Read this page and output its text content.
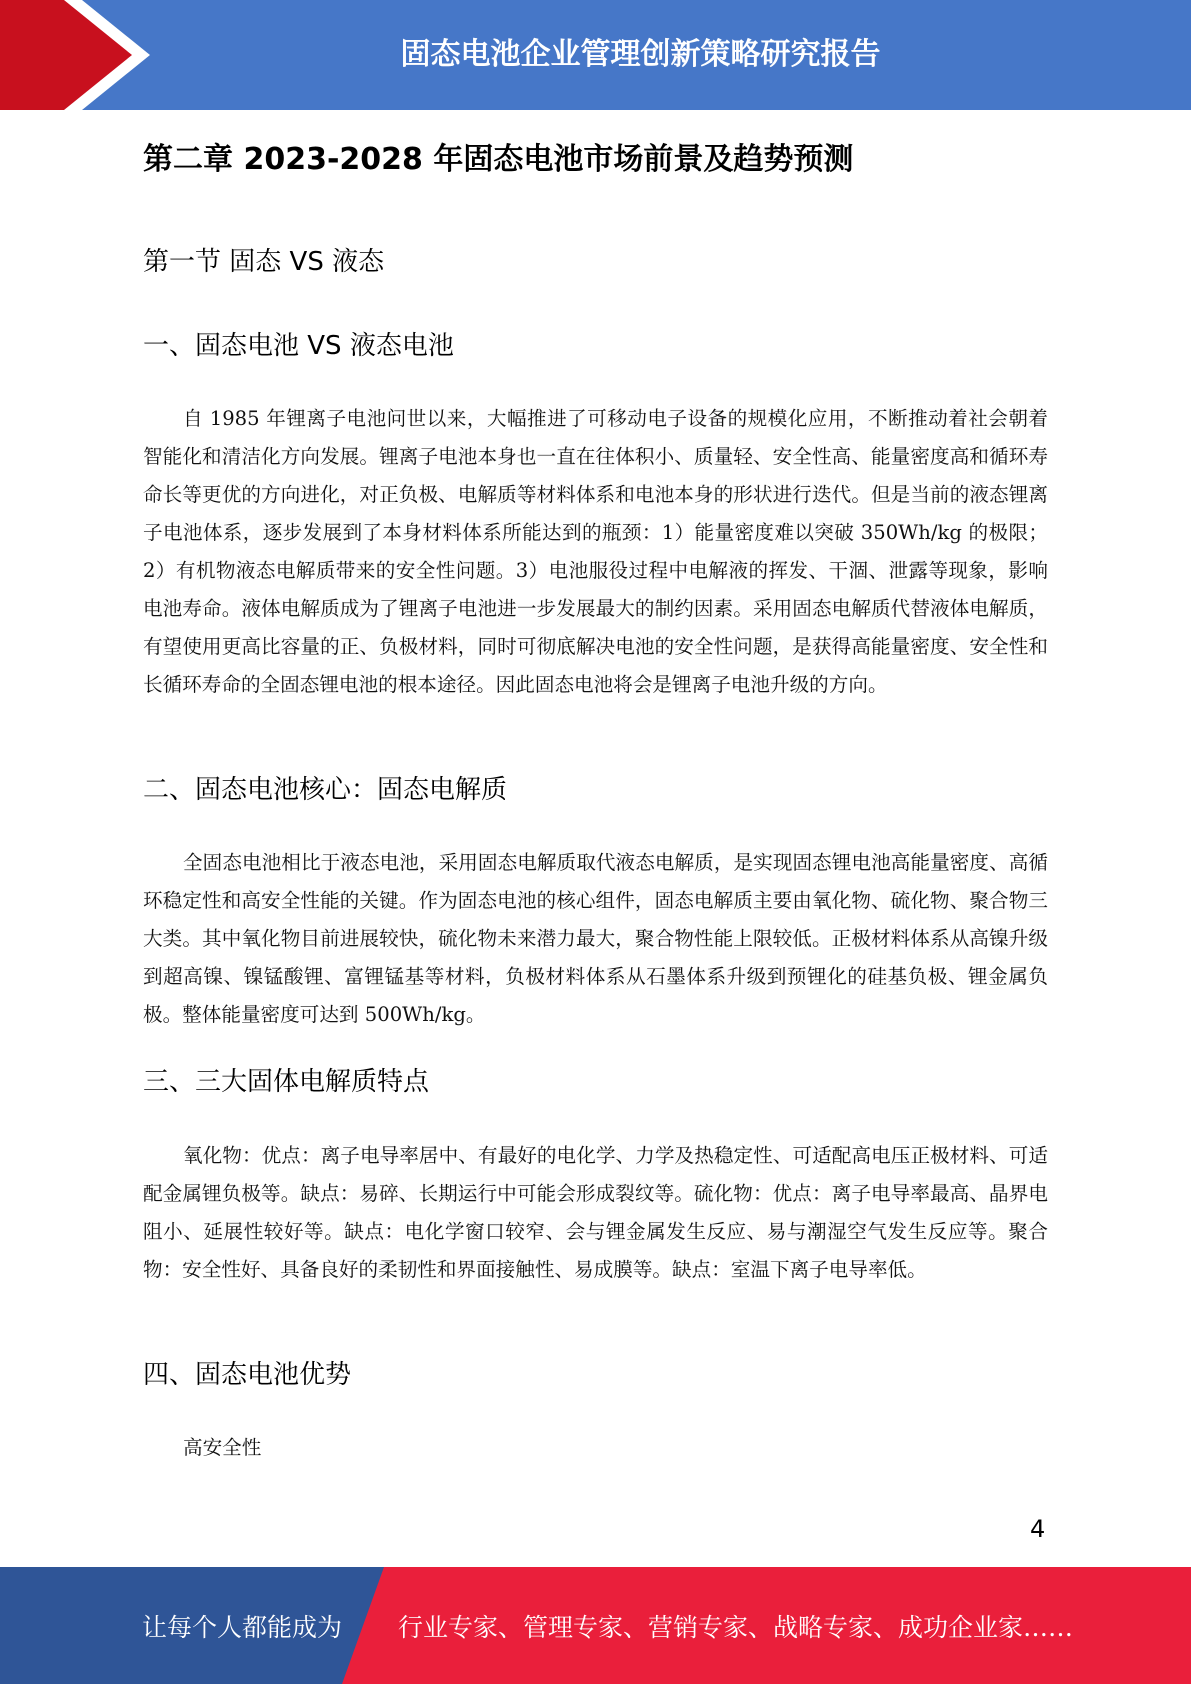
固态电池企业管理创新策略研究报告
第二章 2023-2028 年固态电池市场前景及趋势预测
第一节 固态 VS 液态
一、固态电池 VS 液态电池

自 1985 年锂离子电池问世以来，大幅推进了可移动电子设备的规模化应用，不断推动着社会朝着智能化和清洁化方向发展。锂离子电池本身也一直在往体积小、质量轻、安全性高、能量密度高和循环寿命长等更优的方向进化，对正负极、电解质等材料体系和电池本身的形状进行迭代。但是当前的液态锂离子电池体系，逐步发展到了本身材料体系所能达到的瓶颈：1）能量密度难以突破 350Wh/kg 的极限；2）有机物液态电解质带来的安全性问题。3）电池服役过程中电解液的挥发、干涸、泄露等现象，影响电池寿命。液体电解质成为了锂离子电池进一步发展最大的制约因素。采用固态电解质代替液体电解质，有望使用更高比容量的正、负极材料，同时可彻底解决电池的安全性问题，是获得高能量密度、安全性和长循环寿命的全固态锂电池的根本途径。因此固态电池将会是锂离子电池升级的方向。

二、固态电池核心：固态电解质

全固态电池相比于液态电池，采用固态电解质取代液态电解质，是实现固态锂电池高能量密度、高循环稳定性和高安全性能的关键。作为固态电池的核心组件，固态电解质主要由氧化物、硫化物、聚合物三大类。其中氧化物目前进展较快，硫化物未来潜力最大，聚合物性能上限较低。正极材料体系从高镍升级到超高镍、镍锰酸锂、富锂锰基等材料，负极材料体系从石墨体系升级到预锂化的硅基负极、锂金属负极。整体能量密度可达到 500Wh/kg。

三、三大固体电解质特点

氧化物：优点：离子电导率居中、有最好的电化学、力学及热稳定性、可适配高电压正极材料、可适配金属锂负极等。缺点：易碎、长期运行中可能会形成裂纹等。硫化物：优点：离子电导率最高、晶界电阻小、延展性较好等。缺点：电化学窗口较窄、会与锂金属发生反应、易与潮湿空气发生反应等。聚合物：安全性好、具备良好的柔韧性和界面接触性、易成膜等。缺点：室温下离子电导率低。

四、固态电池优势

高安全性

4
让每个人都能成为 行业专家、管理专家、营销专家、战略专家、成功企业家……
